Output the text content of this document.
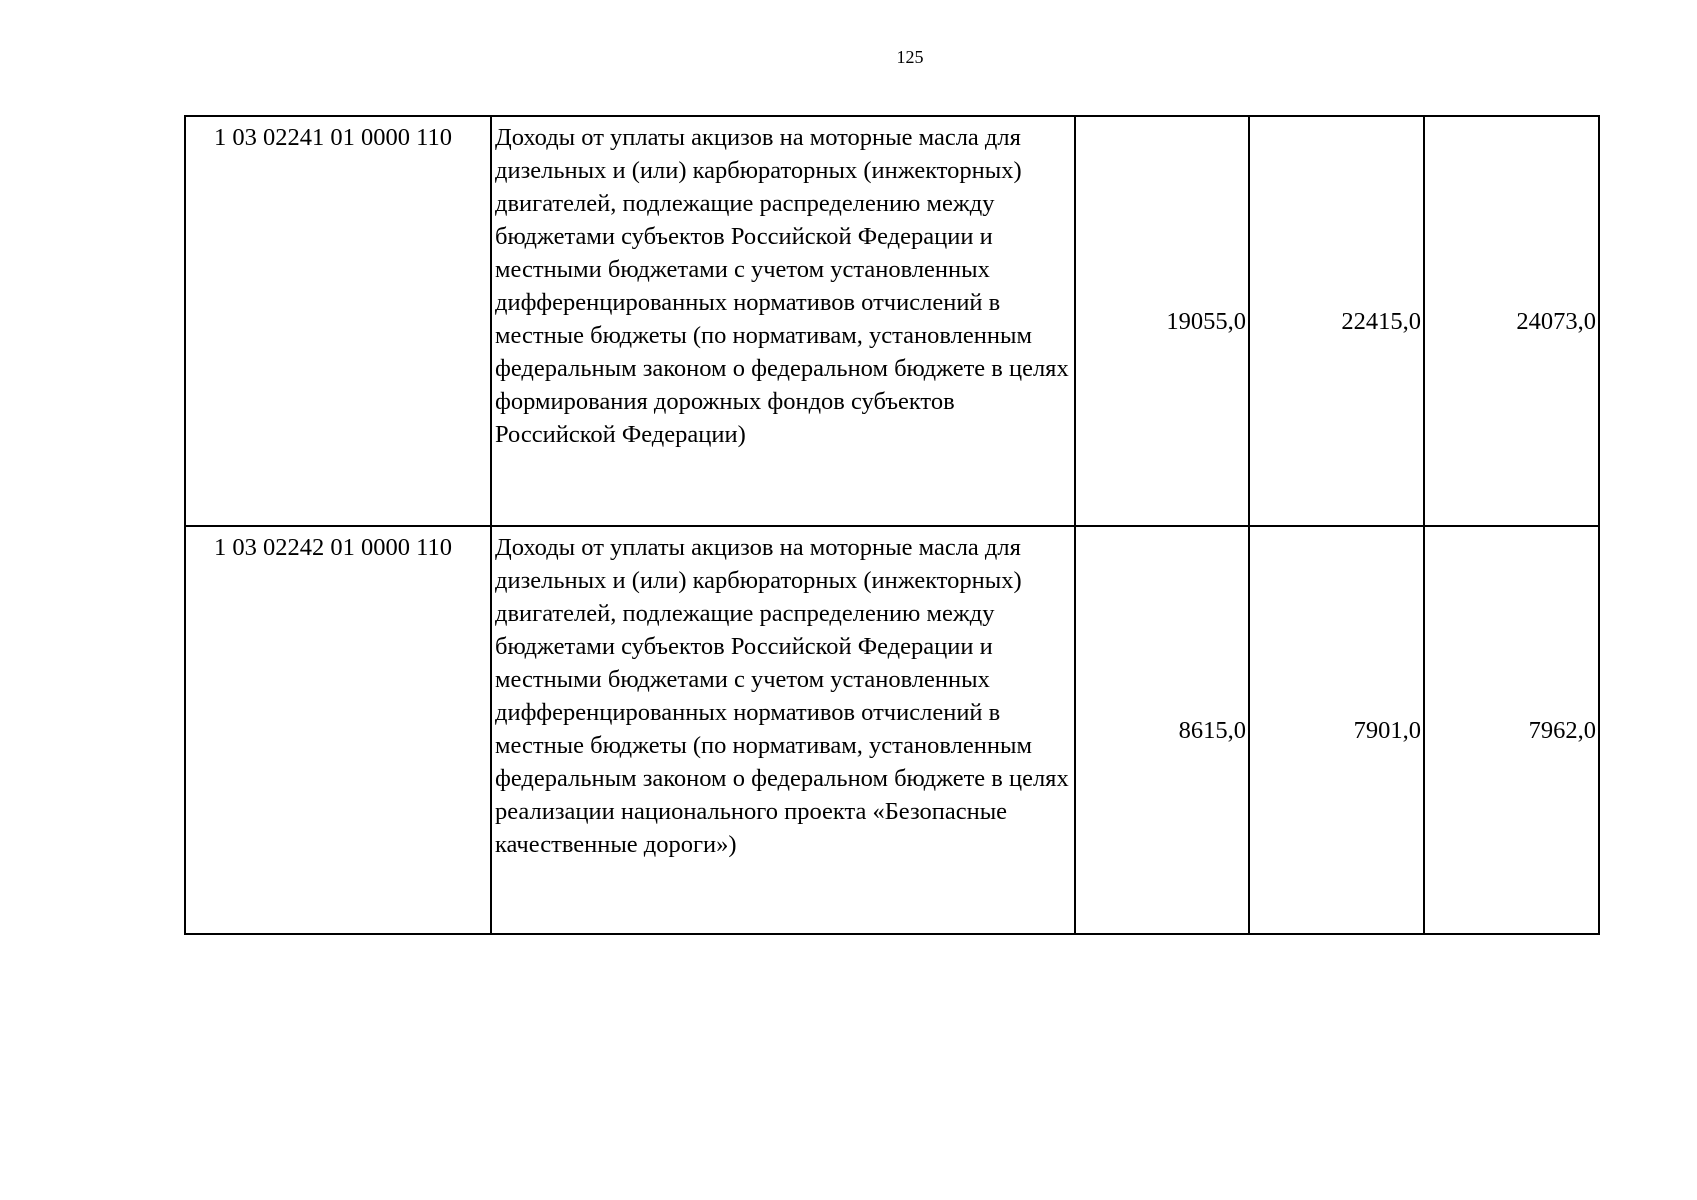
125
1 03 02241 01 0000 110	Доходы от уплаты акцизов на моторные масла для дизельных и (или) карбюраторных (инжекторных) двигателей, подлежащие распределению между бюджетами субъектов Российской Федерации и местными бюджетами с учетом установленных дифференцированных нормативов отчислений в местные бюджеты (по нормативам, установленным федеральным законом о федеральном бюджете в целях формирования дорожных фондов субъектов Российской Федерации)	19055,0	22415,0	24073,0

1 03 02242 01 0000 110	Доходы от уплаты акцизов на моторные масла для дизельных и (или) карбюраторных (инжекторных) двигателей, подлежащие распределению между бюджетами субъектов Российской Федерации и местными бюджетами с учетом установленных дифференцированных нормативов отчислений в местные бюджеты (по нормативам, установленным федеральным законом о федеральном бюджете в целях реализации национального проекта «Безопасные качественные дороги»)	8615,0	7901,0	7962,0
